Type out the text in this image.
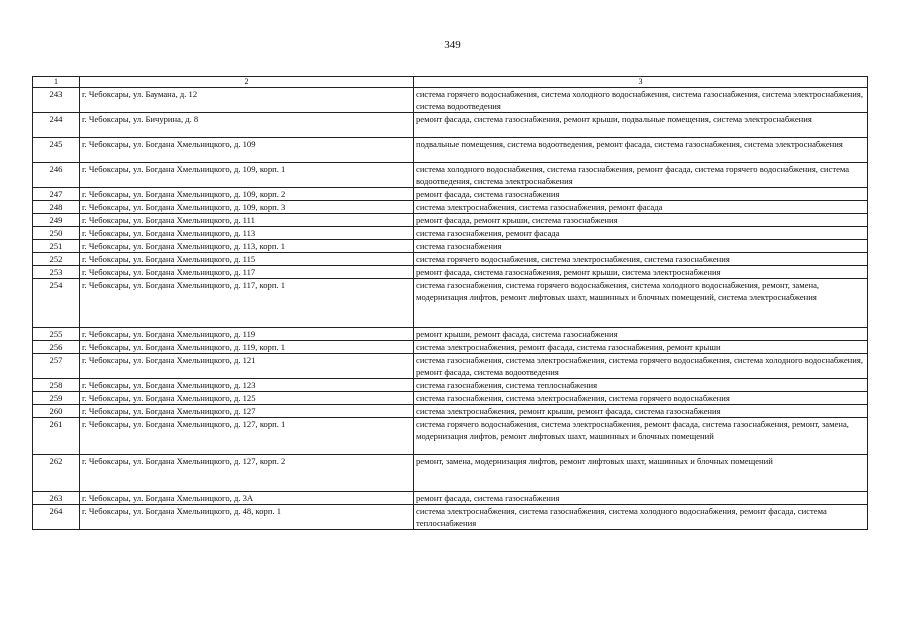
349
1	2	3
243	г. Чебоксары, ул. Баумана, д. 12	система горячего водоснабжения, система холодного водоснабжения, система газоснабжения, система электроснабжения, система водоотведения
244	г. Чебоксары, ул. Бичурина, д. 8	ремонт фасада, система газоснабжения, ремонт крыши, подвальные помещения, система электроснабжения
245	г. Чебоксары, ул. Богдана Хмельницкого, д. 109	подвальные помещения, система водоотведения, ремонт фасада, система газоснабжения, система электроснабжения
246	г. Чебоксары, ул. Богдана Хмельницкого, д. 109, корп. 1	система холодного водоснабжения, система газоснабжения, ремонт фасада, система горячего водоснабжения, система водоотведения, система электроснабжения
247	г. Чебоксары, ул. Богдана Хмельницкого, д. 109, корп. 2	ремонт фасада, система газоснабжения
248	г. Чебоксары, ул. Богдана Хмельницкого, д. 109, корп. 3	система электроснабжения, система газоснабжения, ремонт фасада
249	г. Чебоксары, ул. Богдана Хмельницкого, д. 111	ремонт фасада, ремонт крыши, система газоснабжения
250	г. Чебоксары, ул. Богдана Хмельницкого, д. 113	система газоснабжения, ремонт фасада
251	г. Чебоксары, ул. Богдана Хмельницкого, д. 113, корп. 1	система газоснабжения
252	г. Чебоксары, ул. Богдана Хмельницкого, д. 115	система горячего водоснабжения, система электроснабжения, система газоснабжения
253	г. Чебоксары, ул. Богдана Хмельницкого, д. 117	ремонт фасада, система газоснабжения, ремонт крыши, система электроснабжения
254	г. Чебоксары, ул. Богдана Хмельницкого, д. 117, корп. 1	система газоснабжения, система горячего водоснабжения, система холодного водоснабжения, ремонт, замена, модернизация лифтов, ремонт лифтовых шахт, машинных и блочных помещений, система электроснабжения
255	г. Чебоксары, ул. Богдана Хмельницкого, д. 119	ремонт крыши, ремонт фасада, система газоснабжения
256	г. Чебоксары, ул. Богдана Хмельницкого, д. 119, корп. 1	система электроснабжения, ремонт фасада, система газоснабжения, ремонт крыши
257	г. Чебоксары, ул. Богдана Хмельницкого, д. 121	система газоснабжения, система электроснабжения, система горячего водоснабжения, система холодного водоснабжения, ремонт фасада, система водоотведения
258	г. Чебоксары, ул. Богдана Хмельницкого, д. 123	система газоснабжения, система теплоснабжения
259	г. Чебоксары, ул. Богдана Хмельницкого, д. 125	система газоснабжения, система электроснабжения, система горячего водоснабжения
260	г. Чебоксары, ул. Богдана Хмельницкого, д. 127	система электроснабжения, ремонт крыши, ремонт фасада, система газоснабжения
261	г. Чебоксары, ул. Богдана Хмельницкого, д. 127, корп. 1	система горячего водоснабжения, система электроснабжения, ремонт фасада, система газоснабжения, ремонт, замена, модернизация лифтов, ремонт лифтовых шахт, машинных и блочных помещений
262	г. Чебоксары, ул. Богдана Хмельницкого, д. 127, корп. 2	ремонт, замена, модернизация лифтов, ремонт лифтовых шахт, машинных и блочных помещений
263	г. Чебоксары, ул. Богдана Хмельницкого, д. 3А	ремонт фасада, система газоснабжения
264	г. Чебоксары, ул. Богдана Хмельницкого, д. 48, корп. 1	система электроснабжения, система газоснабжения, система холодного водоснабжения, ремонт фасада, система теплоснабжения
